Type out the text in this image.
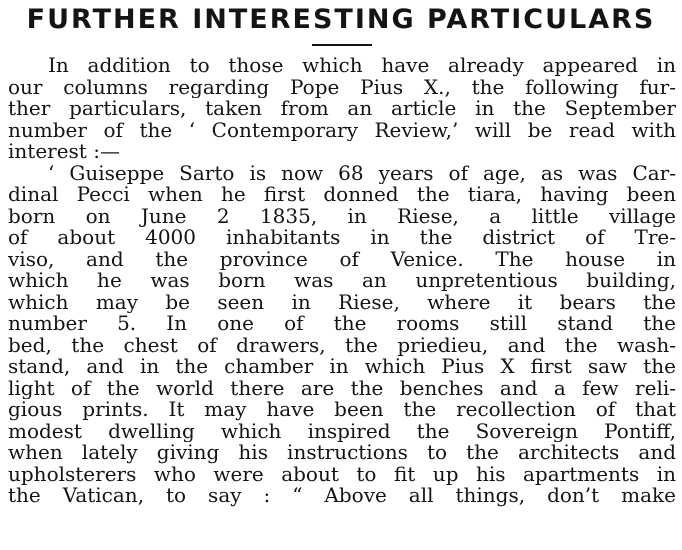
FURTHER INTERESTING PARTICULARS
In addition to those which have already appeared in
our columns regarding Pope Pius X., the following fur-
ther particulars, taken from an article in the September
number of the ‘ Contemporary Review,’ will be read with
interest :—
‘ Guiseppe Sarto is now 68 years of age, as was Car-
dinal Pecci when he first donned the tiara, having been
born on June 2 1835, in Riese, a little village
of about 4000 inhabitants in the district of Tre-
viso, and the province of Venice. The house in
which he was born was an unpretentious building,
which may be seen in Riese, where it bears the
number 5. In one of the rooms still stand the
bed, the chest of drawers, the priedieu, and the wash-
stand, and in the chamber in which Pius X first saw the
light of the world there are the benches and a few reli-
gious prints. It may have been the recollection of that
modest dwelling which inspired the Sovereign Pontiff,
when lately giving his instructions to the architects and
upholsterers who were about to fit up his apartments in
the Vatican, to say : “ Above all things, don’t make
